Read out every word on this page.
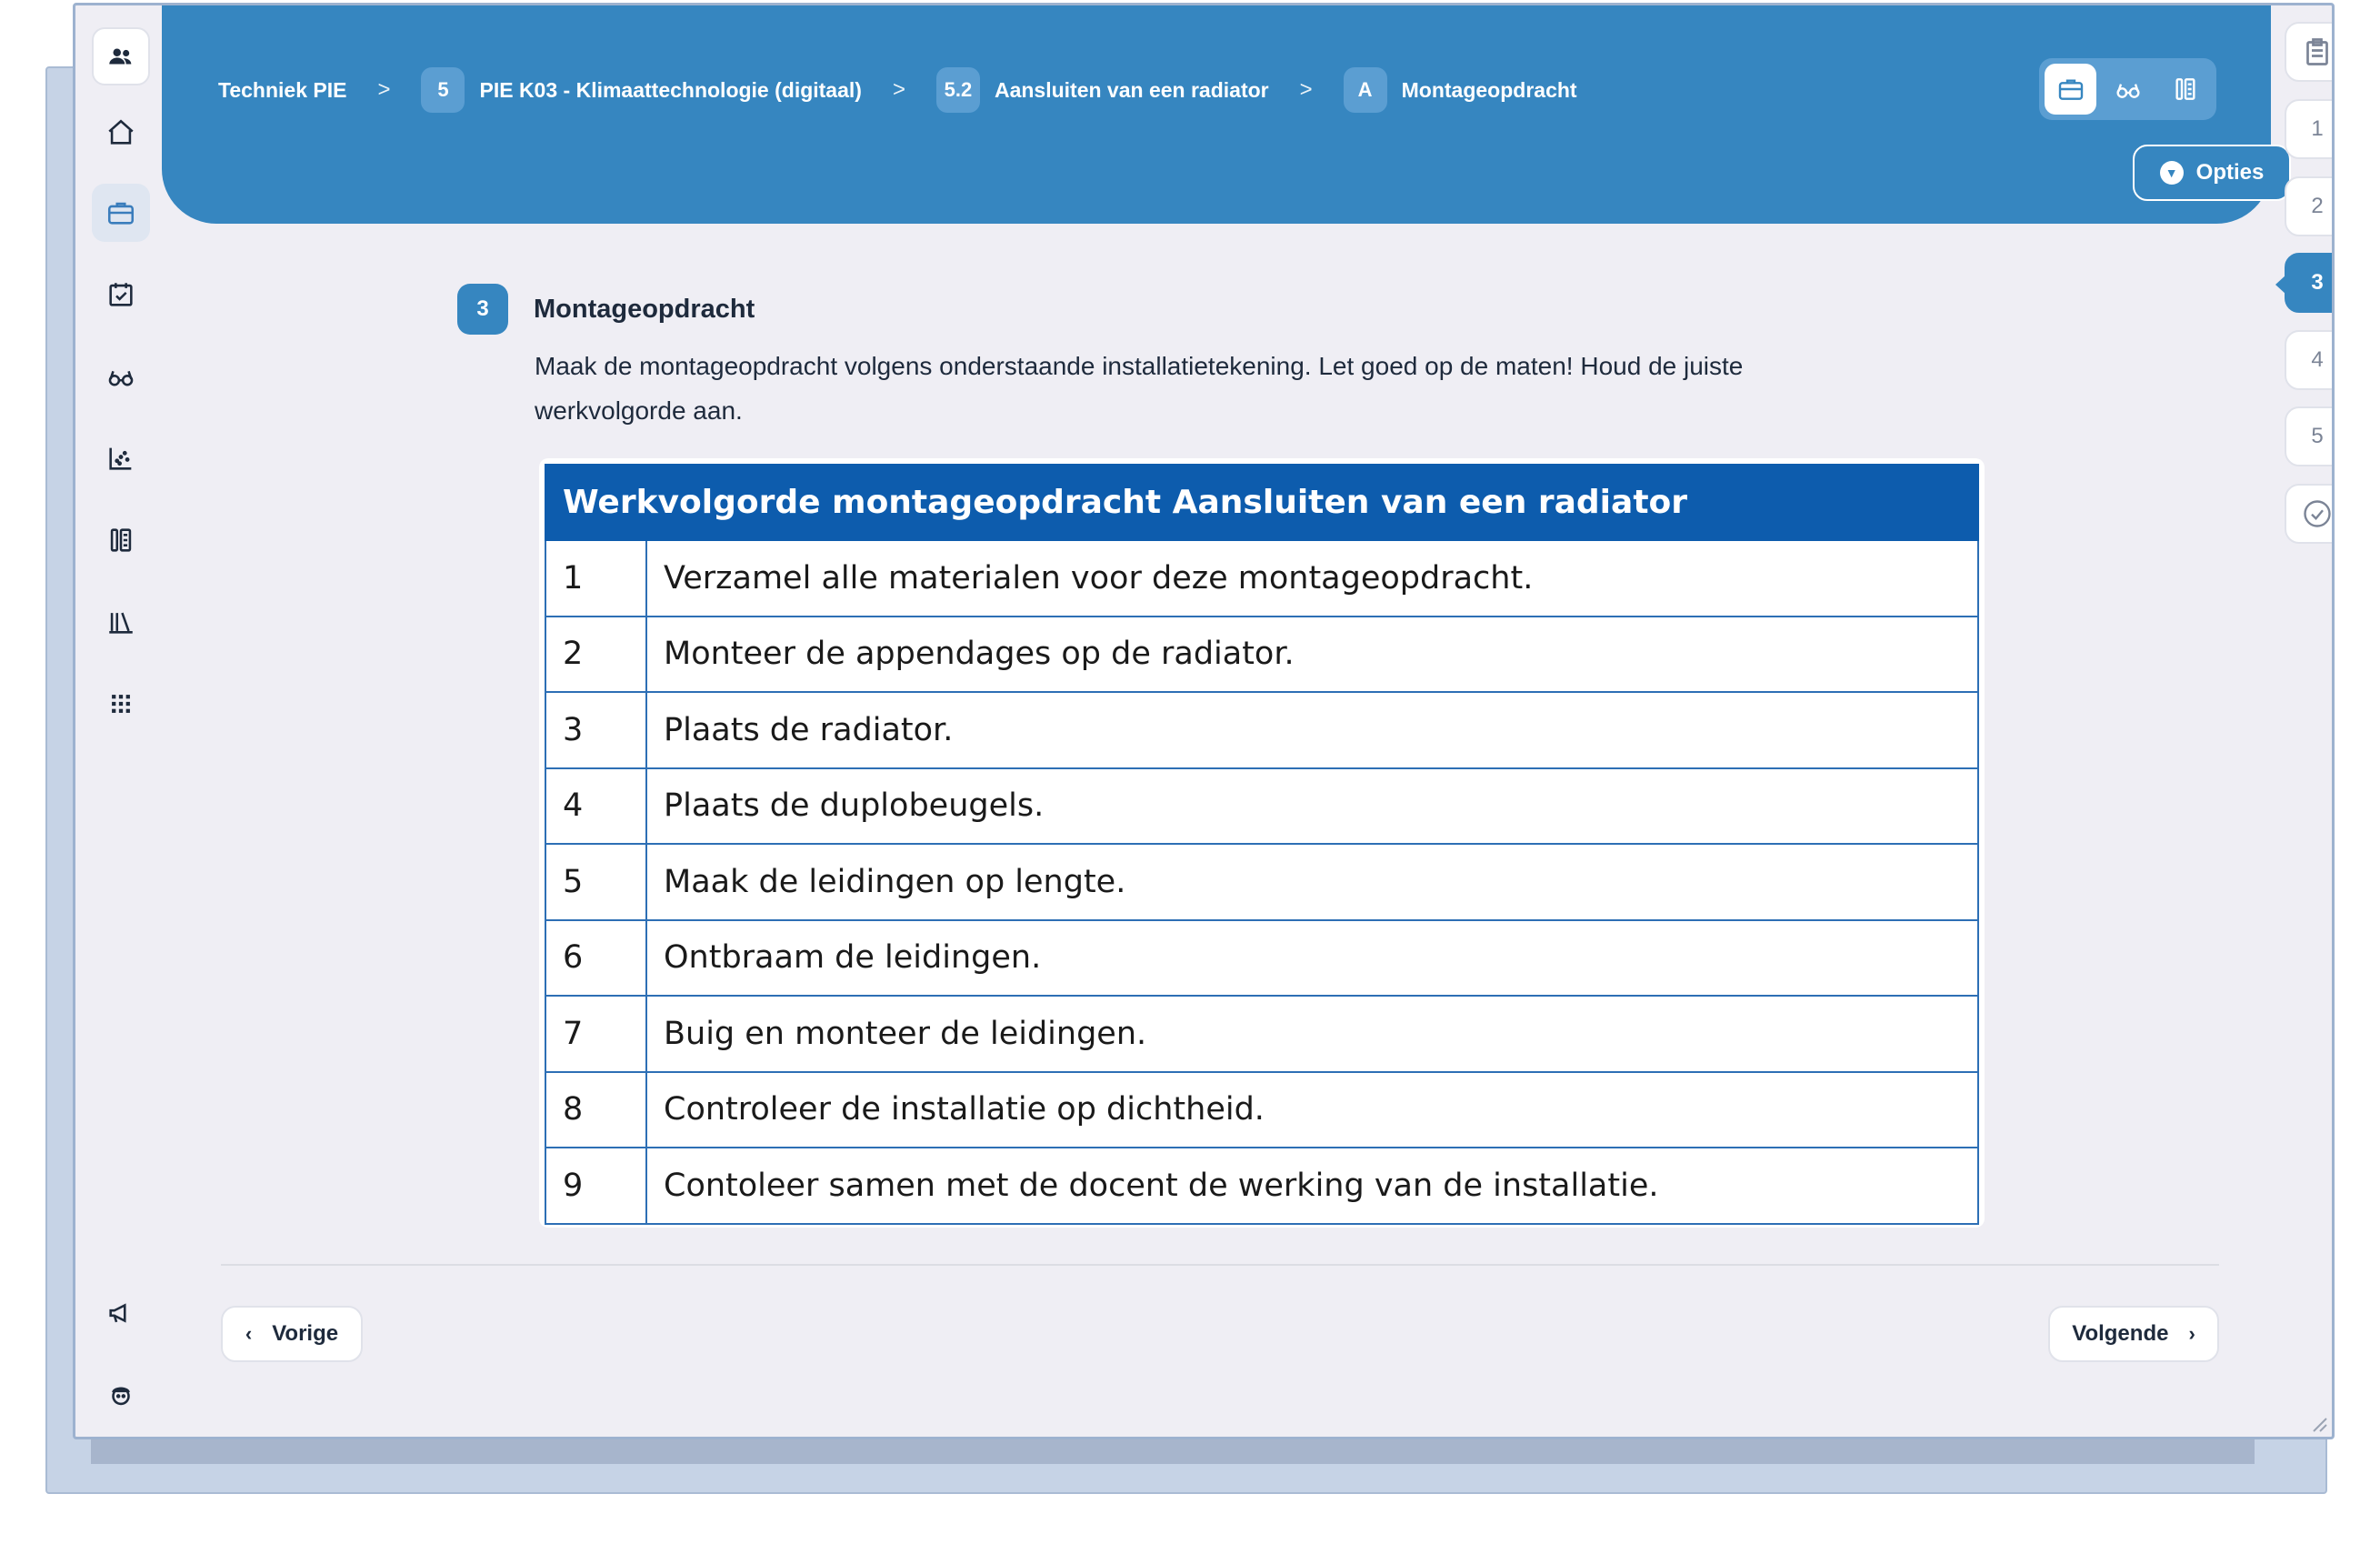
Techniek PIE >	5	PIE K03 - Klimaattechnologie (digitaal) >	5.2	Aansluiten van een radiator >	A	Montageopdracht
▼ Opties
1
2
3
4
5
3	Montageopdracht
Maak de montageopdracht volgens onderstaande installatietekening. Let goed op de maten! Houd de juiste werkvolgorde aan.
Werkvolgorde montageopdracht Aansluiten van een radiator	
1	Verzamel alle materialen voor deze montageopdracht.
2	Monteer de appendages op de radiator.
3	Plaats de radiator.
4	Plaats de duplobeugels.
5	Maak de leidingen op lengte.
6	Ontbraam de leidingen.
7	Buig en monteer de leidingen.
8	Controleer de installatie op dichtheid.
9	Contoleer samen met de docent de werking van de installatie.
‹ Vorige	Volgende ›
